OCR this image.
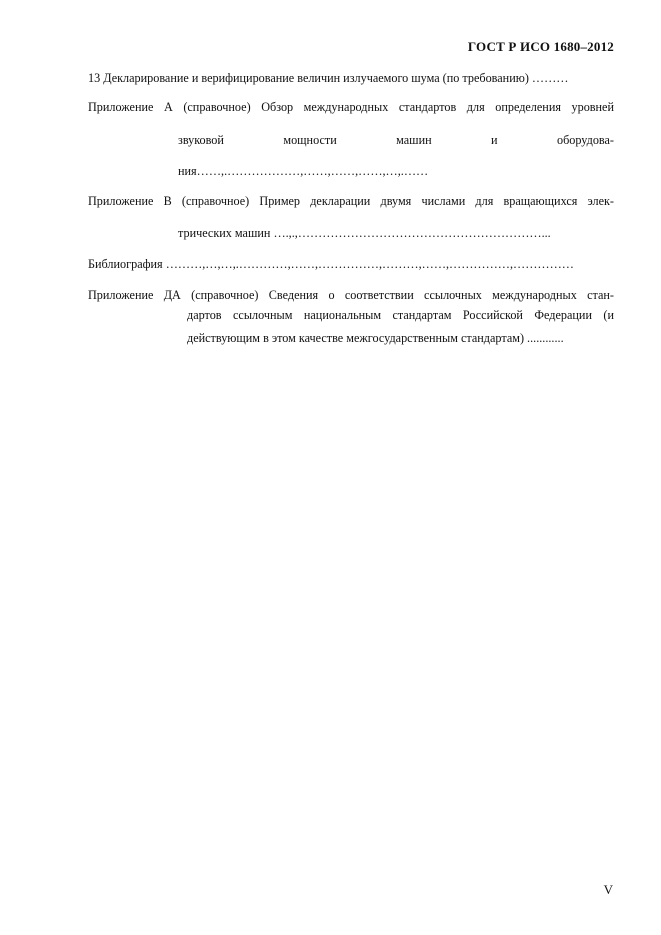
ГОСТ Р ИСО 1680–2012
13 Декларирование и верифицирование величин излучаемого шума (по требованию) ………
Приложение А (справочное) Обзор международных стандартов для определения уровней
звуковой мощности машин и оборудова-
ния……,.………………,……,……,……,…,.……
Приложение В (справочное) Пример декларации двумя числами для вращающихся элек-
трических машин ….,.,……………………………………………………...
Библиография ………,…,…,.…………,……,……………,………,……,……………,……………
Приложение ДА (справочное) Сведения о соответствии ссылочных международных стан-
дартов ссылочным национальным стандартам Российской Федерации (и
действующим в этом качестве межгосударственным стандартам) ............
V
